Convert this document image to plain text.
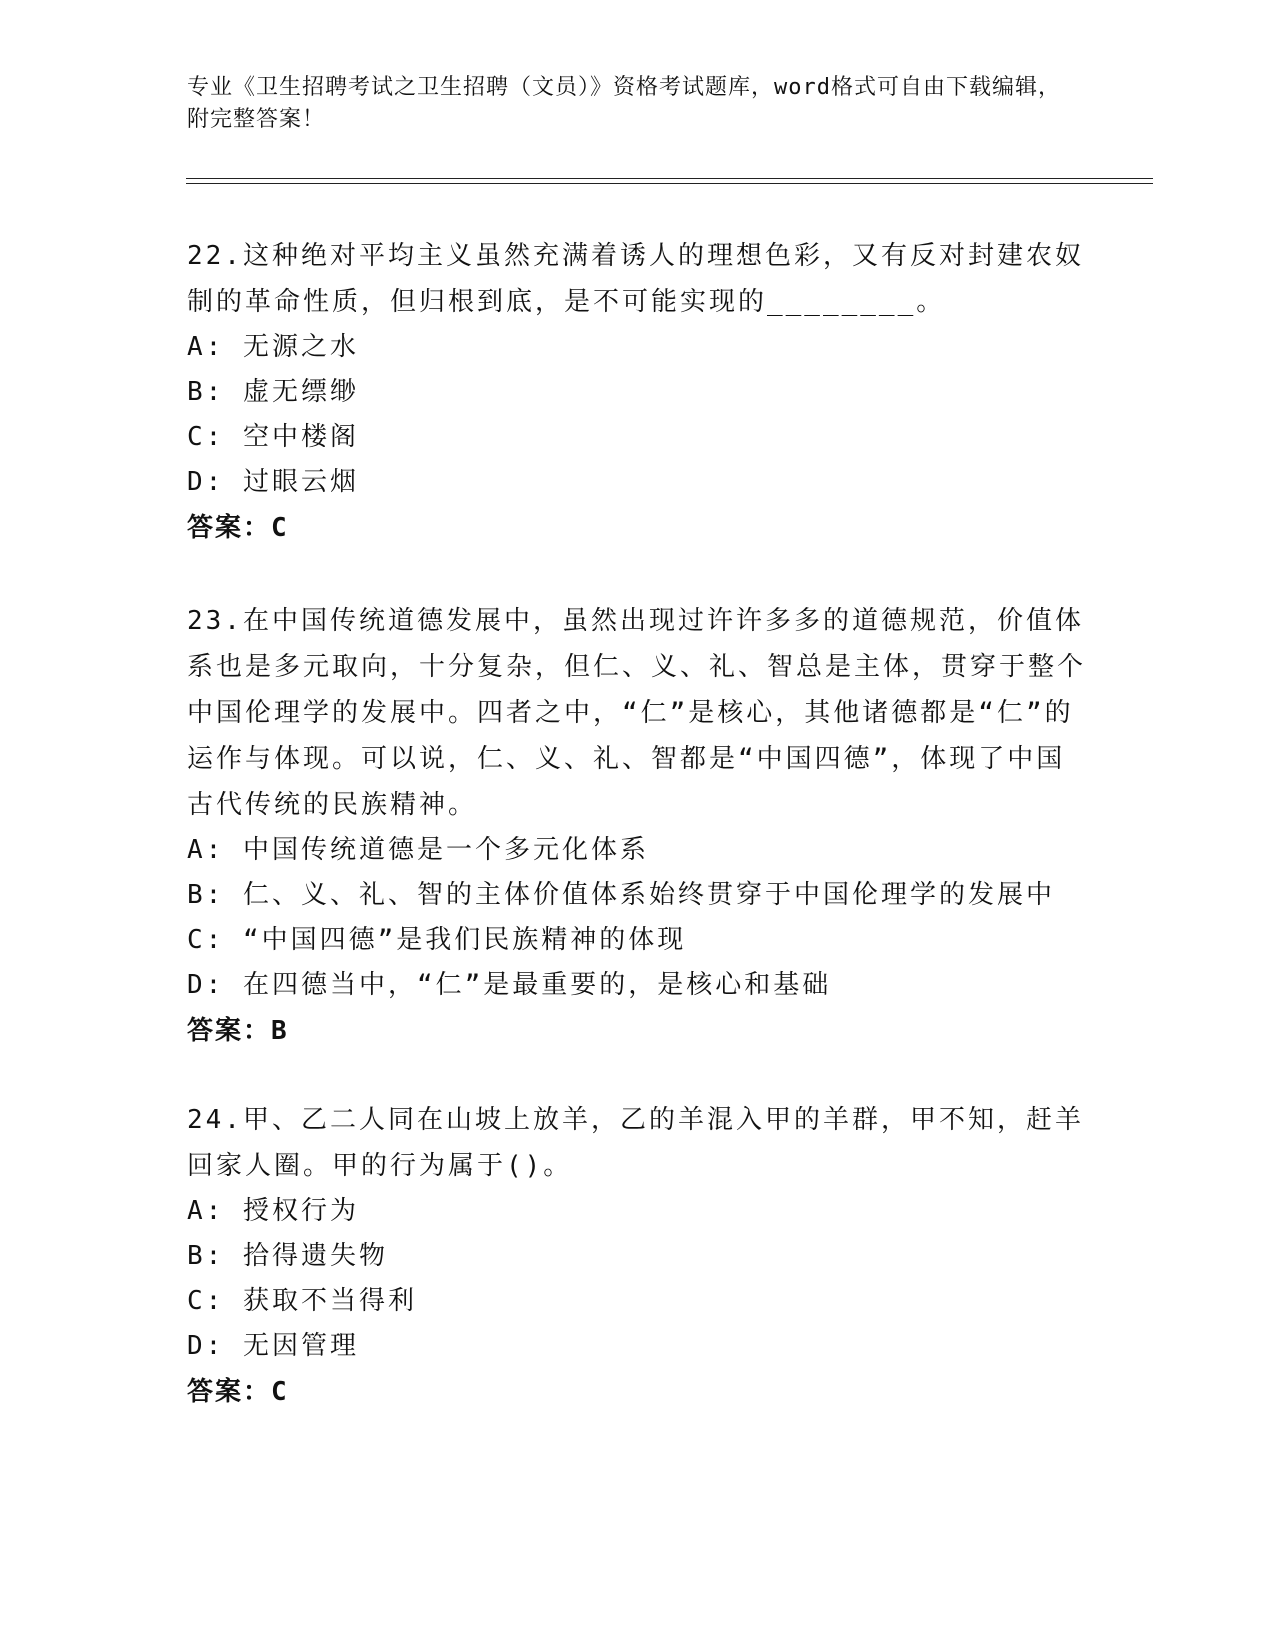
专业《卫生招聘考试之卫生招聘（文员）》资格考试题库，word格式可自由下载编辑，附完整答案！
22.这种绝对平均主义虽然充满着诱人的理想色彩，又有反对封建农奴制的革命性质，但归根到底，是不可能实现的________。
A: 无源之水
B: 虚无缥缈
C: 空中楼阁
D: 过眼云烟
答案：C
23.在中国传统道德发展中，虽然出现过许许多多的道德规范，价值体系也是多元取向，十分复杂，但仁、义、礼、智总是主体，贯穿于整个中国伦理学的发展中。四者之中，“仁”是核心，其他诸德都是“仁”的运作与体现。可以说，仁、义、礼、智都是“中国四德”，体现了中国古代传统的民族精神。
A: 中国传统道德是一个多元化体系
B: 仁、义、礼、智的主体价值体系始终贯穿于中国伦理学的发展中
C: “中国四德”是我们民族精神的体现
D: 在四德当中，“仁”是最重要的，是核心和基础
答案：B
24.甲、乙二人同在山坡上放羊，乙的羊混入甲的羊群，甲不知，赶羊回家人圈。甲的行为属于()。
A: 授权行为
B: 拾得遗失物
C: 获取不当得利
D: 无因管理
答案：C
